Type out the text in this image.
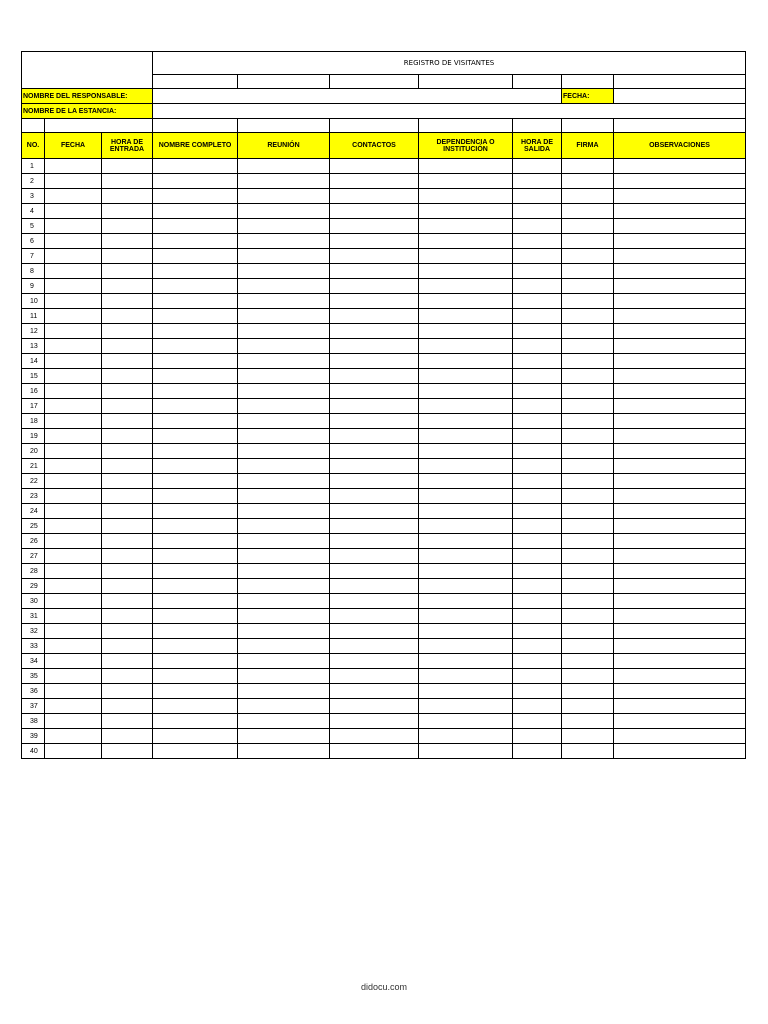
			REGISTRO DE VISITANTES						

NOMBRE DEL RESPONSABLE:								FECHA:	
NOMBRE DE LA ESTANCIA:									

NO.	FECHA	HORA DE ENTRADA	NOMBRE COMPLETO	REUNIÓN	CONTACTOS	DEPENDENCIA O INSTITUCIÓN	HORA DE SALIDA	FIRMA	OBSERVACIONES
1									
2									
3									
4									
5									
6									
7									
8									
9									
10									
11									
12									
13									
14									
15									
16									
17									
18									
19									
20									
21									
22									
23									
24									
25									
26									
27									
28									
29									
30									
31									
32									
33									
34									
35									
36									
37									
38									
39									
40									
didocu.com
